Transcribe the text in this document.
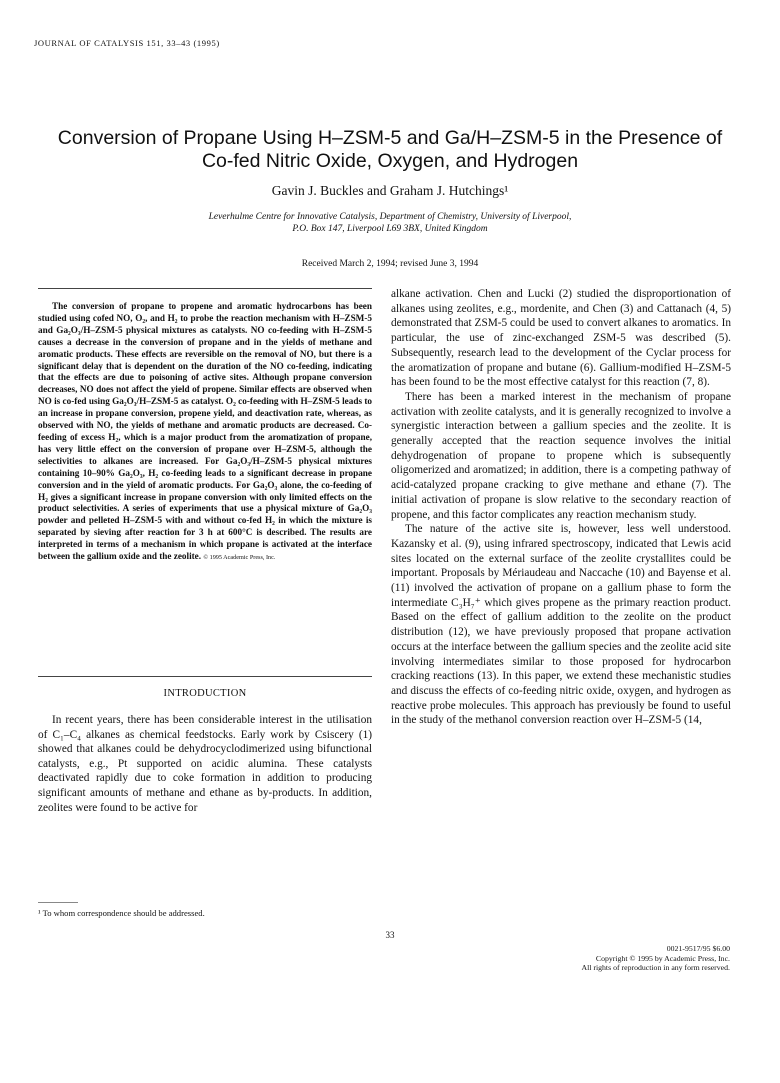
JOURNAL OF CATALYSIS 151, 33–43 (1995)
Conversion of Propane Using H–ZSM-5 and Ga/H–ZSM-5 in the Presence of Co-fed Nitric Oxide, Oxygen, and Hydrogen
Gavin J. Buckles and Graham J. Hutchings¹
Leverhulme Centre for Innovative Catalysis, Department of Chemistry, University of Liverpool,
P.O. Box 147, Liverpool L69 3BX, United Kingdom
Received March 2, 1994; revised June 3, 1994
The conversion of propane to propene and aromatic hydrocarbons has been studied using cofed NO, O₂, and H₂ to probe the reaction mechanism with H–ZSM-5 and Ga₂O₃/H–ZSM-5 physical mixtures as catalysts. NO co-feeding with H–ZSM-5 causes a decrease in the conversion of propane and in the yields of methane and aromatic products. These effects are reversible on the removal of NO, but there is a significant delay that is dependent on the duration of the NO co-feeding, indicating that the effects are due to poisoning of active sites. Although propane conversion decreases, NO does not affect the yield of propene. Similar effects are observed when NO is co-fed using Ga₂O₃/H–ZSM-5 as catalyst. O₂ co-feeding with H–ZSM-5 leads to an increase in propane conversion, propene yield, and deactivation rate, whereas, as observed with NO, the yields of methane and aromatic products are decreased. Co-feeding of excess H₂, which is a major product from the aromatization of propane, has very little effect on the conversion of propane over H–ZSM-5, although the selectivities to alkanes are increased. For Ga₂O₃/H–ZSM-5 physical mixtures containing 10–90% Ga₂O₃, H₂ co-feeding leads to a significant decrease in propane conversion and in the yield of aromatic products. For Ga₂O₃ alone, the co-feeding of H₂ gives a significant increase in propane conversion with only limited effects on the product selectivities. A series of experiments that use a physical mixture of Ga₂O₃ powder and pelleted H–ZSM-5 with and without co-fed H₂ in which the mixture is separated by sieving after reaction for 3 h at 600°C is described. The results are interpreted in terms of a mechanism in which propane is activated at the interface between the gallium oxide and the zeolite. © 1995 Academic Press, Inc.
INTRODUCTION
In recent years, there has been considerable interest in the utilisation of C₁–C₄ alkanes as chemical feedstocks. Early work by Csiscery (1) showed that alkanes could be dehydrocyclodimerized using bifunctional catalysts, e.g., Pt supported on acidic alumina. These catalysts deactivated rapidly due to coke formation in addition to producing significant amounts of methane and ethane as by-products. In addition, zeolites were found to be active for
¹ To whom correspondence should be addressed.

alkane activation. Chen and Lucki (2) studied the disproportionation of alkanes using zeolites, e.g., mordenite, and Chen (3) and Cattanach (4, 5) demonstrated that ZSM-5 could be used to convert alkanes to aromatics. In particular, the use of zinc-exchanged ZSM-5 was described (5). Subsequently, research lead to the development of the Cyclar process for the aromatization of propane and butane (6). Gallium-modified H–ZSM-5 has been found to be the most effective catalyst for this reaction (7, 8).

There has been a marked interest in the mechanism of propane activation with zeolite catalysts, and it is generally recognized to involve a synergistic interaction between a gallium species and the zeolite. It is generally accepted that the reaction sequence involves the initial dehydrogenation of propane to propene which is subsequently oligomerized and aromatized; in addition, there is a competing pathway of acid-catalyzed propane cracking to give methane and ethane (7). The initial activation of propane is slow relative to the secondary reaction of propene, and this factor complicates any reaction mechanism study.

The nature of the active site is, however, less well understood. Kazansky et al. (9), using infrared spectroscopy, indicated that Lewis acid sites located on the external surface of the zeolite crystallites could be important. Proposals by Mériaudeau and Naccache (10) and Bayense et al. (11) involved the activation of propane on a gallium phase to form the intermediate C₃H₇⁺ which gives propene as the primary reaction product. Based on the effect of gallium addition to the zeolite on the product distribution (12), we have previously proposed that propane activation occurs at the interface between the gallium species and the zeolite acid site involving intermediates similar to those proposed for hydrocarbon cracking reactions (13). In this paper, we extend these mechanistic studies and discuss the effects of co-feeding nitric oxide, oxygen, and hydrogen as reactive probe molecules. This approach has previously be found to useful in the study of the methanol conversion reaction over H–ZSM-5 (14,

33
0021-9517/95 $6.00
Copyright © 1995 by Academic Press, Inc.
All rights of reproduction in any form reserved.
